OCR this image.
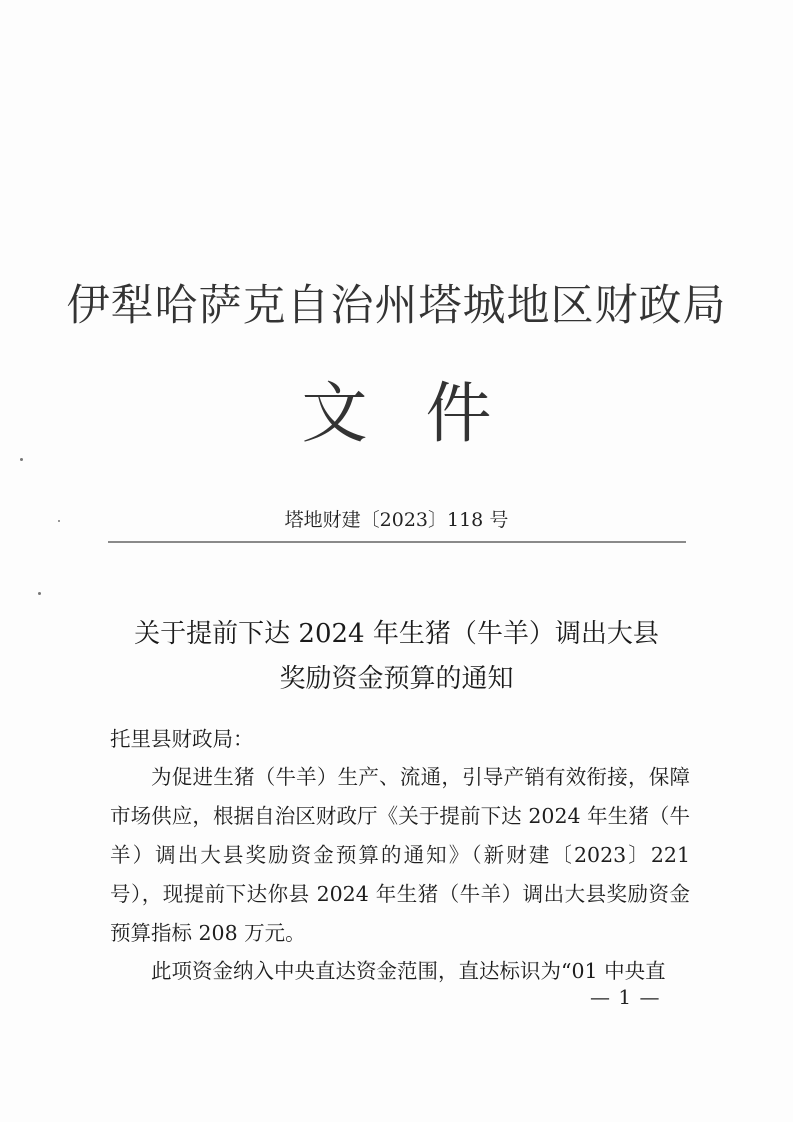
伊犁哈萨克自治州塔城地区财政局
文件
塔地财建〔2023〕118 号
关于提前下达 2024 年生猪（牛羊）调出大县
奖励资金预算的通知
托里县财政局：
为促进生猪（牛羊）生产、流通，引导产销有效衔接，保障市场供应，根据自治区财政厅《关于提前下达 2024 年生猪（牛羊）调出大县奖励资金预算的通知》（新财建〔2023〕221 号），现提前下达你县 2024 年生猪（牛羊）调出大县奖励资金预算指标 208 万元。
此项资金纳入中央直达资金范围，直达标识为“01 中央直
— 1 —
